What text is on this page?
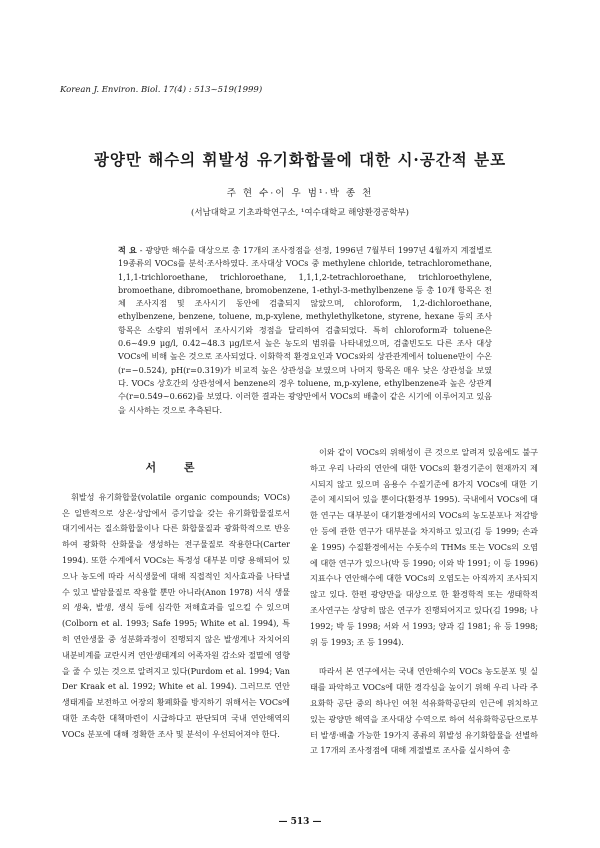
Korean J. Environ. Biol. 17(4) : 513~519(1999)
광양만 해수의 휘발성 유기화합물에 대한 시·공간적 분포
주 현 수·이 우 범¹·박 종 천
(서남대학교 기초과학연구소, ¹여수대학교 해양환경공학부)
적 요 - 광양만 해수를 대상으로 총 17개의 조사정점을 선정, 1996년 7월부터 1997년 4월까지 계절별로 19종류의 VOCs를 분석·조사하였다. 조사대상 VOCs 중 methylene chloride, tetrachloromethane, 1,1,1-trichloroethane, trichloroethane, 1,1,1,2-tetrachloroethane, trichloroethylene, bromoethane, dibromoethane, bromobenzene, 1-ethyl-3-methylbenzene 등 총 10개 항목은 전체 조사지점 및 조사시기 동안에 검출되지 않았으며, chloroform, 1,2-dichloroethane, ethylbenzene, benzene, toluene, m,p-xylene, methylethylketone, styrene, hexane 등의 조사항목은 소량의 범위에서 조사시기와 정점을 달리하여 검출되었다. 특히 chloroform과 toluene은 0.6~49.9 μg/l, 0.42~48.3 μg/l로서 높은 농도의 범위를 나타내었으며, 검출빈도도 다른 조사 대상 VOCs에 비해 높은 것으로 조사되었다. 이화학적 환경요인과 VOCs와의 상관관계에서 toluene만이 수온(r=−0.524), pH(r=0.319)가 비교적 높은 상관성을 보였으며 나머지 항목은 매우 낮은 상관성을 보였다. VOCs 상호간의 상관성에서 benzene의 경우 toluene, m,p-xylene, ethylbenzene과 높은 상관계수(r=0.549~0.662)를 보였다. 이러한 결과는 광양만에서 VOCs의 배출이 같은 시기에 이루어지고 있음을 시사하는 것으로 추측된다.
서 론

휘발성 유기화합물(volatile organic compounds; VOCs)은 일반적으로 상온·상압에서 증기압을 갖는 유기화합물질로서 대기에서는 질소화합물이나 다른 화합물질과 광화학적으로 반응하여 광화학 산화물을 생성하는 전구물질로 작용한다(Carter 1994). 또한 수계에서 VOCs는 특정성 대부분 미량 용해되어 있으나 농도에 따라 서식생물에 대해 직접적인 치사효과를 나타낼 수 있고 발암물질로 작용할 뿐만 아니라(Anon 1978) 서식 생물의 생육, 발생, 생식 등에 심각한 저해효과를 일으킬 수 있으며(Colborn et al. 1993; Safe 1995; White et al. 1994), 특히 연안생물 중 성분화과정이 진행되지 않은 발생계나 자치어의 내분비계를 교란시켜 연안생태계의 어족자원 감소와 절멸에 영향을 줄 수 있는 것으로 알려지고 있다(Purdom et al. 1994; Van Der Kraak et al. 1992; White et al. 1994). 그러므로 연안생태계를 보전하고 어장의 황폐화를 방지하기 위해서는 VOCs에 대한 조속한 대책마련이 시급하다고 판단되며 국내 연안해역의 VOCs 분포에 대해 정확한 조사 및 분석이 우선되어져야 한다.

이와 같이 VOCs의 위해성이 큰 것으로 알려져 있음에도 불구하고 우리 나라의 연안에 대한 VOCs의 환경기준이 현재까지 제시되지 않고 있으며 음용수 수질기준에 8가지 VOCs에 대한 기준이 제시되어 있을 뿐이다(환경부 1995). 국내에서 VOCs에 대한 연구는 대부분이 대기환경에서의 VOCs의 농도분포나 저감방안 등에 관한 연구가 대부분을 차지하고 있고(김 등 1999; 손과 윤 1995) 수질환경에서는 수돗수의 THMs 또는 VOCs의 오염에 대한 연구가 있으나(박 등 1990; 이와 박 1991; 이 등 1996) 지표수나 연안해수에 대한 VOCs의 오염도는 아직까지 조사되지 않고 있다. 한편 광양만을 대상으로 한 환경학적 또는 생태학적 조사연구는 상당히 많은 연구가 진행되어지고 있다(김 1998; 나 1992; 박 등 1998; 서와 서 1993; 양과 김 1981; 유 등 1998; 위 등 1993; 조 등 1994).

따라서 본 연구에서는 국내 연안해수의 VOCs 농도분포 및 실태를 파악하고 VOCs에 대한 경각심을 높이기 위해 우리 나라 주요화학 공단 중의 하나인 여천 석유화학공단의 인근에 위치하고 있는 광양만 해역을 조사대상 수역으로 하여 석유화학공단으로부터 발생·배출 가능한 19가지 종류의 휘발성 유기화합물을 선별하고 17개의 조사정점에 대해 계절별로 조사를 실시하여 총

— 513 —
